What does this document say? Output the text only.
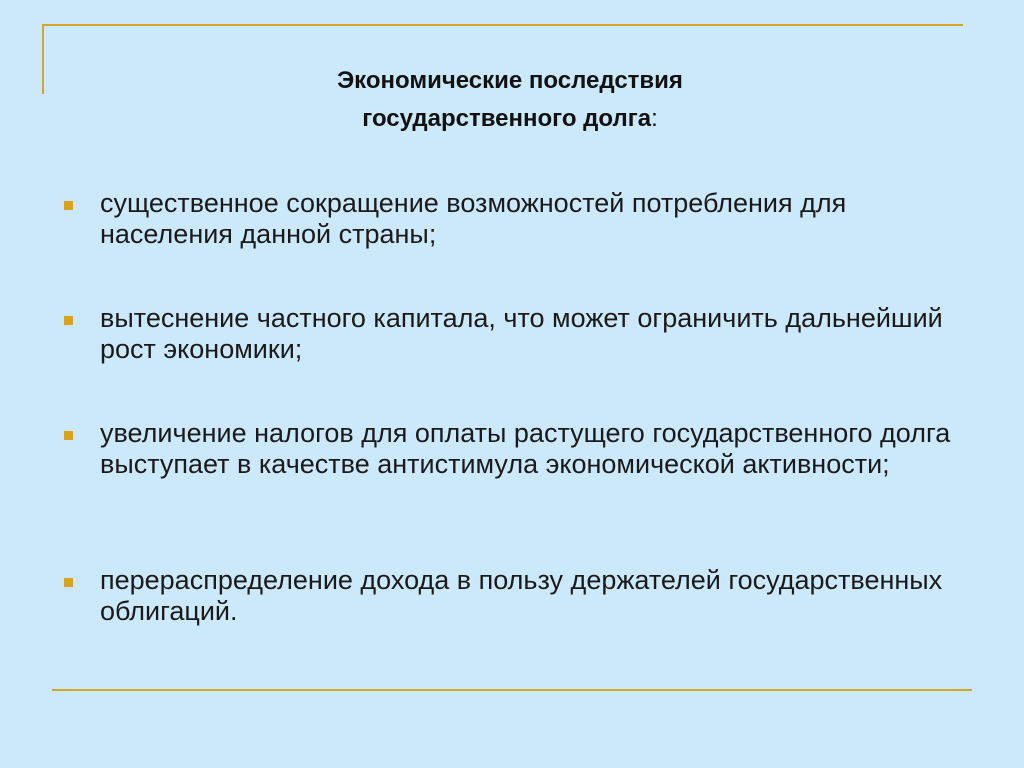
Экономические последствия
государственного долга:
существенное сокращение возможностей потребления для населения данной страны;
вытеснение частного капитала, что может ограничить дальнейший рост экономики;
увеличение налогов для оплаты растущего государственного долга выступает в качестве антистимула экономической активности;
перераспределение дохода в пользу держателей государственных облигаций.
